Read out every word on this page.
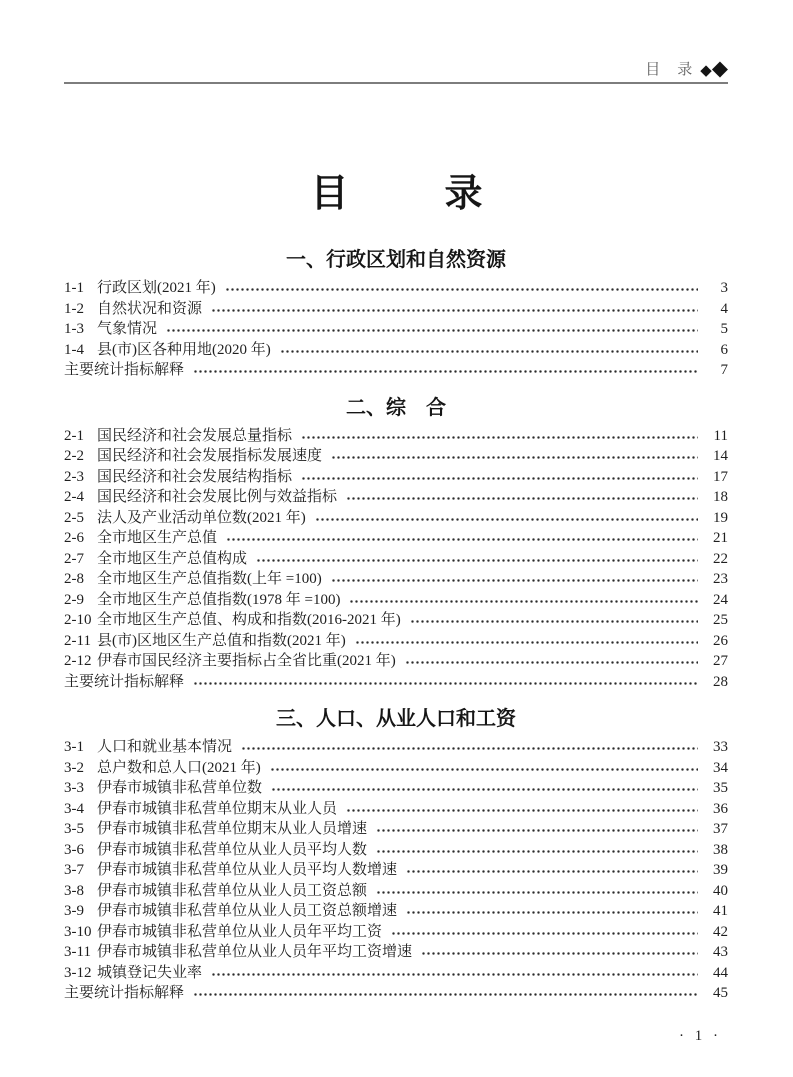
目　录 ◆ ◆
目录
一、行政区划和自然资源
1-1 行政区划(2021 年)	3
1-2 自然状况和资源	4
1-3 气象情况	5
1-4 县(市)区各种用地(2020 年)	6
主要统计指标解释	7
二、综　合
2-1 国民经济和社会发展总量指标	11
2-2 国民经济和社会发展指标发展速度	14
2-3 国民经济和社会发展结构指标	17
2-4 国民经济和社会发展比例与效益指标	18
2-5 法人及产业活动单位数(2021 年)	19
2-6 全市地区生产总值	21
2-7 全市地区生产总值构成	22
2-8 全市地区生产总值指数(上年 =100)	23
2-9 全市地区生产总值指数(1978 年 =100)	24
2-10 全市地区生产总值、构成和指数(2016-2021 年)	25
2-11 县(市)区地区生产总值和指数(2021 年)	26
2-12 伊春市国民经济主要指标占全省比重(2021 年)	27
主要统计指标解释	28
三、人口、从业人口和工资
3-1 人口和就业基本情况	33
3-2 总户数和总人口(2021 年)	34
3-3 伊春市城镇非私营单位数	35
3-4 伊春市城镇非私营单位期末从业人员	36
3-5 伊春市城镇非私营单位期末从业人员增速	37
3-6 伊春市城镇非私营单位从业人员平均人数	38
3-7 伊春市城镇非私营单位从业人员平均人数增速	39
3-8 伊春市城镇非私营单位从业人员工资总额	40
3-9 伊春市城镇非私营单位从业人员工资总额增速	41
3-10 伊春市城镇非私营单位从业人员年平均工资	42
3-11 伊春市城镇非私营单位从业人员年平均工资增速	43
3-12 城镇登记失业率	44
主要统计指标解释	45
· 1 ·
